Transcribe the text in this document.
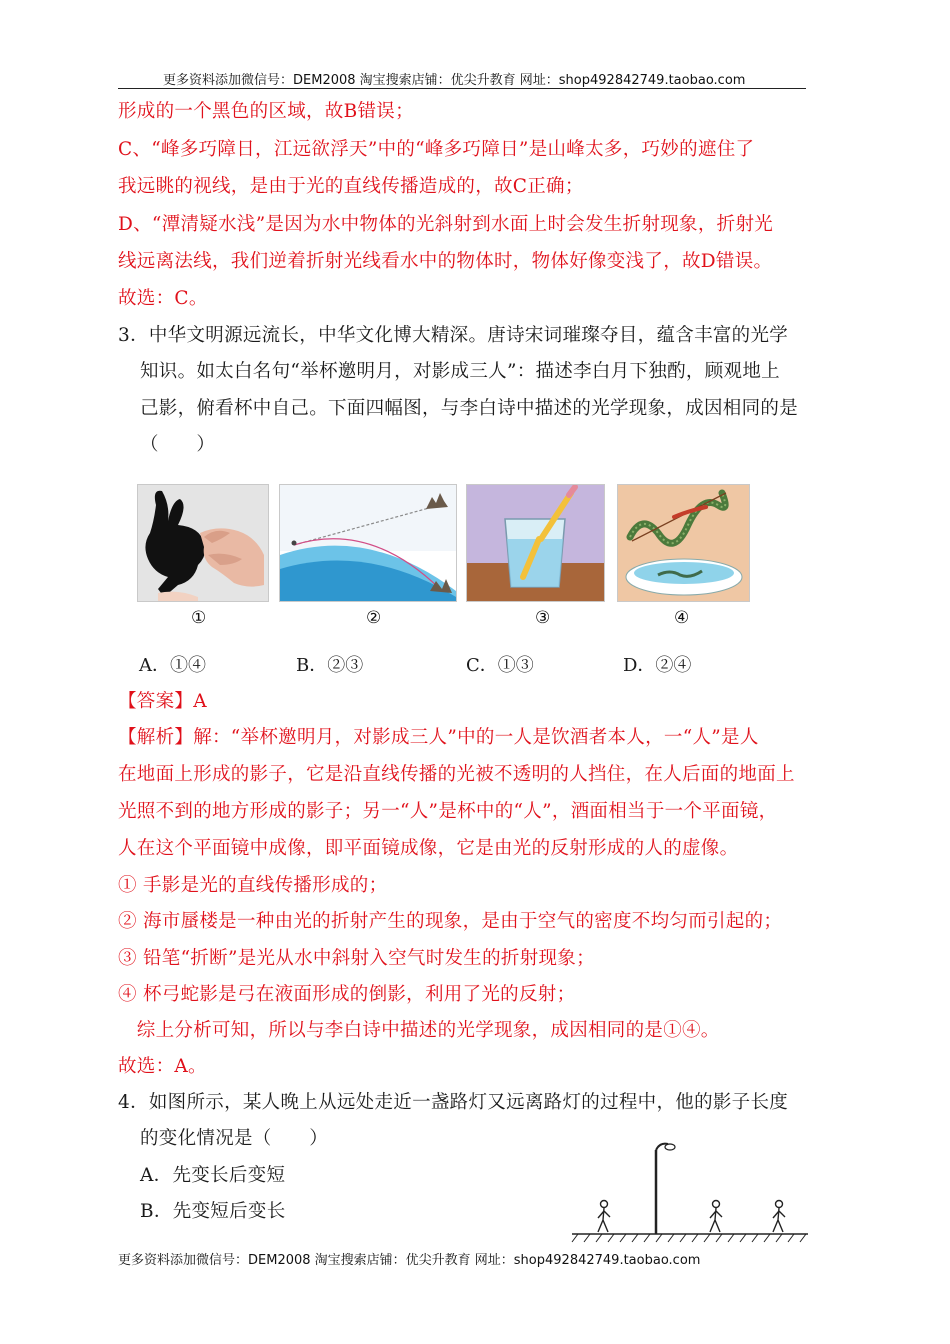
更多资料添加微信号：DEM2008 淘宝搜索店铺：优尖升教育 网址：shop492842749.taobao.com
形成的一个黑色的区域，故B错误；
C、“峰多巧障日，江远欲浮天”中的“峰多巧障日”是山峰太多，巧妙的遮住了
我远眺的视线，是由于光的直线传播造成的，故C正确；
D、“潭清疑水浅”是因为水中物体的光斜射到水面上时会发生折射现象，折射光
线远离法线，我们逆着折射光线看水中的物体时，物体好像变浅了，故D错误。
故选：C。
3．中华文明源远流长，中华文化博大精深。唐诗宋词璀璨夺目，蕴含丰富的光学
知识。如太白名句“举杯邀明月，对影成三人”：描述李白月下独酌，顾观地上
己影，俯看杯中自己。下面四幅图，与李白诗中描述的光学现象，成因相同的是
（　　）
①	②	③	④
A．①④	B．②③	C．①③	D．②④
【答案】A
【解析】解：“举杯邀明月，对影成三人”中的一人是饮酒者本人，一“人”是人
在地面上形成的影子，它是沿直线传播的光被不透明的人挡住，在人后面的地面上
光照不到的地方形成的影子；另一“人”是杯中的“人”，酒面相当于一个平面镜，
人在这个平面镜中成像，即平面镜成像，它是由光的反射形成的人的虚像。
① 手影是光的直线传播形成的；
② 海市蜃楼是一种由光的折射产生的现象，是由于空气的密度不均匀而引起的；
③ 铅笔“折断”是光从水中斜射入空气时发生的折射现象；
④ 杯弓蛇影是弓在液面形成的倒影，利用了光的反射；
　综上分析可知，所以与李白诗中描述的光学现象，成因相同的是①④。
故选：A。
4．如图所示，某人晚上从远处走近一盏路灯又远离路灯的过程中，他的影子长度
的变化情况是（　　）
A．先变长后变短
B．先变短后变长
更多资料添加微信号：DEM2008 淘宝搜索店铺：优尖升教育 网址：shop492842749.taobao.com
